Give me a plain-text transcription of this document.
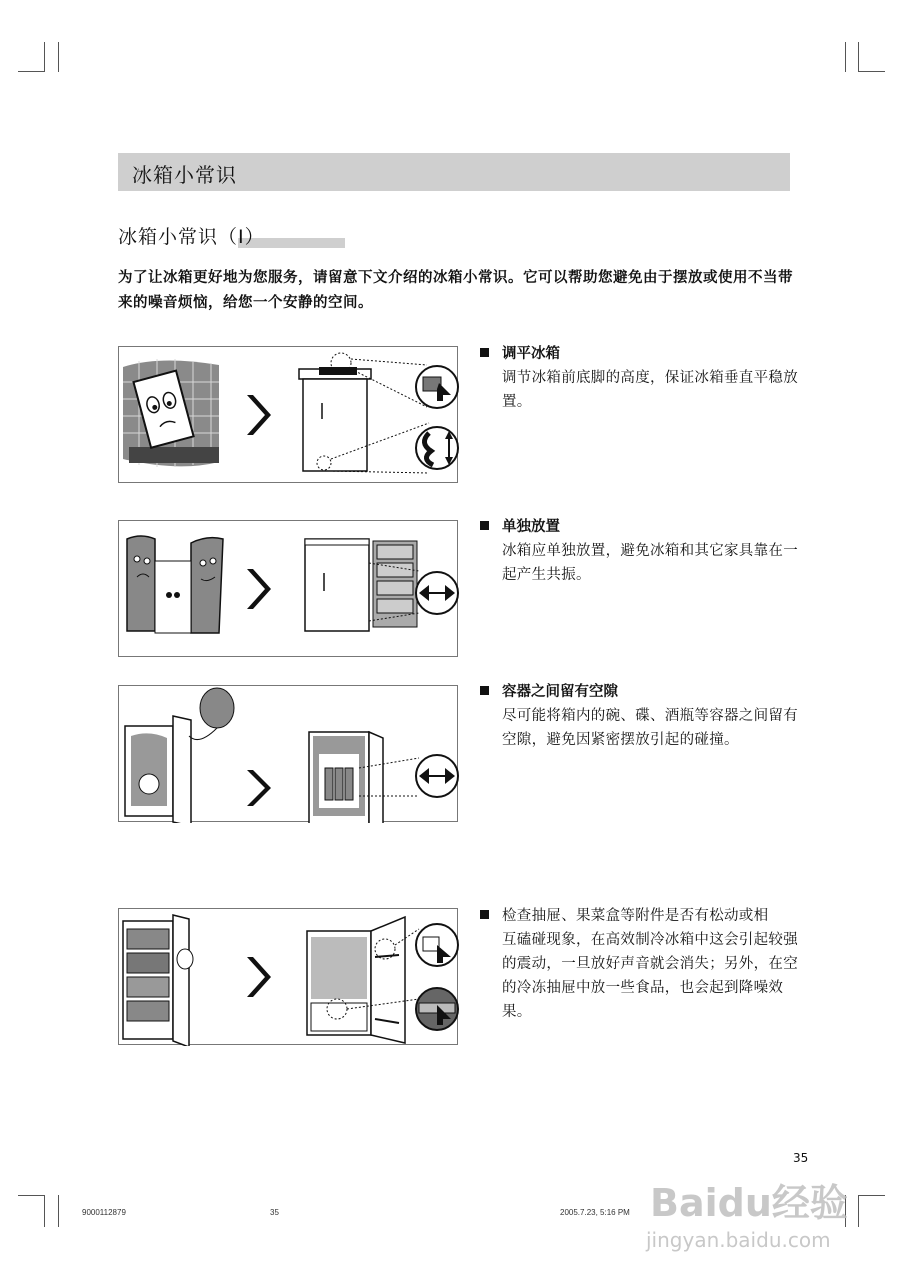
冰箱小常识
冰箱小常识（I）
为了让冰箱更好地为您服务，请留意下文介绍的冰箱小常识。它可以帮助您避免由于摆放或使用不当带来的噪音烦恼，给您一个安静的空间。
调平冰箱
调节冰箱前底脚的高度，保证冰箱垂直平稳放置。
单独放置
冰箱应单独放置，避免冰箱和其它家具靠在一起产生共振。
容器之间留有空隙
尽可能将箱内的碗、碟、酒瓶等容器之间留有空隙，避免因紧密摆放引起的碰撞。
检查抽屉、果菜盒等附件是否有松动或相
互磕碰现象，在高效制冷冰箱中这会引起较强的震动，一旦放好声音就会消失；另外，在空的冷冻抽屉中放一些食品，也会起到降噪效果。
35
Baidu经验
jingyan.baidu.com
9000112879	35	2005.7.23, 5:16 PM
